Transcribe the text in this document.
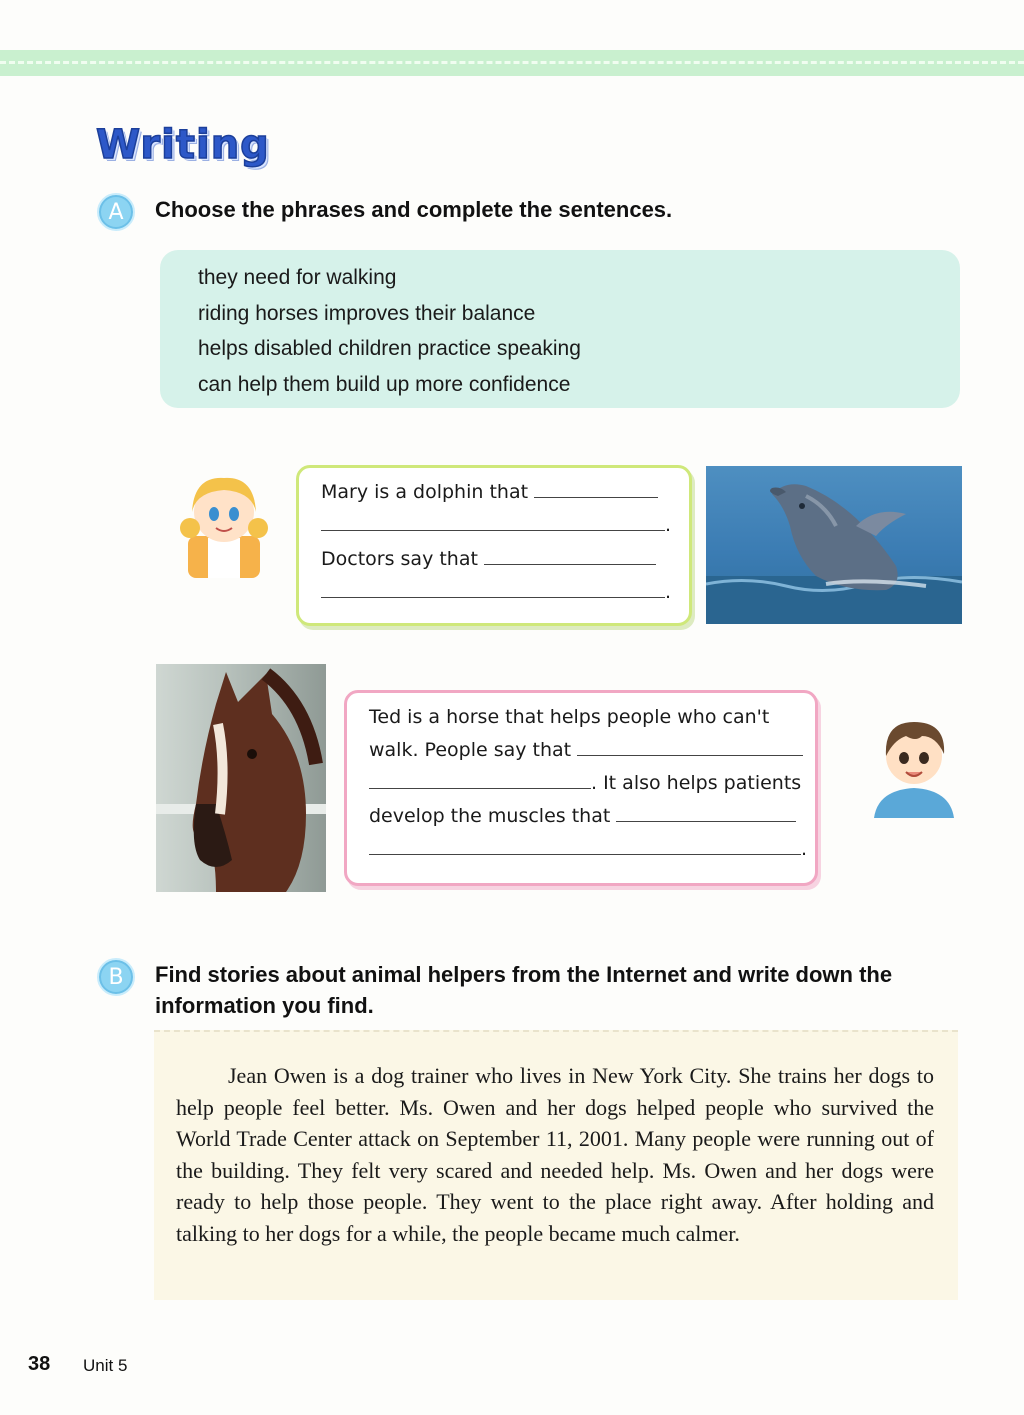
Writing
A	Choose the phrases and complete the sentences.
they need for walking
riding horses improves their balance
helps disabled children practice speaking
can help them build up more confidence
Mary is a dolphin that
.
Doctors say that
.
Ted is a horse that helps people who can't
walk. People say that
. It also helps patients
develop the muscles that
.
B	Find stories about animal helpers from the Internet and write down the information you find.

Jean Owen is a dog trainer who lives in New York City. She trains her dogs to help people feel better. Ms. Owen and her dogs helped people who survived the World Trade Center attack on September 11, 2001. Many people were running out of the building. They felt very scared and needed help. Ms. Owen and her dogs were ready to help those people. They went to the place right away. After holding and talking to her dogs for a while, the people became much calmer.

38 Unit 5
